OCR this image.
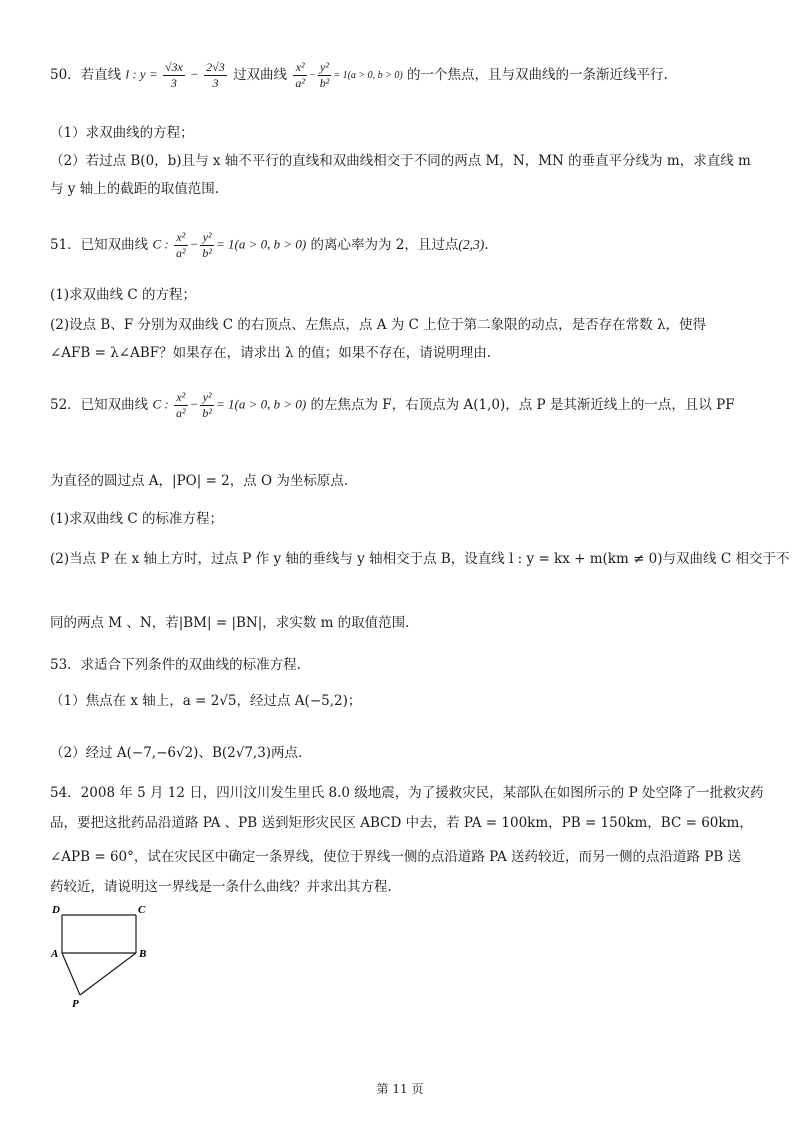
50．若直线 l : $y = \frac{√3x}{3} - \frac{2√3}{3}$ 过双曲线 $\frac{\text{x²}}{\text{a²}} - \frac{\text{y²}}{\text{b²}} = 1(a > 0$, b > 0) 的一个焦点，且与双曲线的一条渐近线平行.
（1）求双曲线的方程；
（2）若过点 B(0，b)且与 x 轴不平行的直线和双曲线相交于不同的两点 M，N，MN 的垂直平分线为 m，求直线 m
与 y 轴上的截距的取值范围.
51．已知双曲线 C : $\frac{\text{x²}}{\text{a²}} - \frac{\text{y²}}{\text{b²}} = 1(a > 0$, b > 0) 的离心率为为 2，且过点(2,3).
(1)求双曲线 C 的方程；
(2)设点 B、F 分别为双曲线 C 的右顶点、左焦点，点 A 为 C 上位于第二象限的动点，是否存在常数 λ，使得
∠AFB = λ∠ABF？如果存在，请求出 λ 的值；如果不存在，请说明理由.
52．已知双曲线 C : $\frac{\text{x²}}{\text{a²}} - \frac{\text{y²}}{\text{b²}} = 1(a > 0$, b > 0) 的左焦点为 F，右顶点为 A(1,0)，点 P 是其渐近线上的一点，且以 PF
为直径的圆过点 A，|PO| = 2，点 O 为坐标原点.
(1)求双曲线 C 的标准方程；
(2)当点 P 在 x 轴上方时，过点 P 作 y 轴的垂线与 y 轴相交于点 B，设直线 l : y = kx + m(km ≠ 0)与双曲线 C 相交于不
同的两点 M 、N，若|BM| = |BN|，求实数 m 的取值范围.
53．求适合下列条件的双曲线的标准方程.
（1）焦点在 x 轴上，a = 2√5，经过点 A(−5,2)；
（2）经过 A(−7,−6√2)、B(2√7,3)两点.
54．2008 年 5 月 12 日，四川汶川发生里氏 8.0 级地震，为了援救灾民，某部队在如图所示的 P 处空降了一批救灾药
品，要把这批药品沿道路 PA 、PB 送到矩形灾民区 ABCD 中去，若 PA = 100km，PB = 150km，BC = 60km，
∠APB = 60°，试在灾民区中确定一条界线，使位于界线一侧的点沿道路 PA 送药较近，而另一侧的点沿道路 PB 送
药较近，请说明这一界线是一条什么曲线？并求出其方程.
D	C
A	B
P
第 11 页
